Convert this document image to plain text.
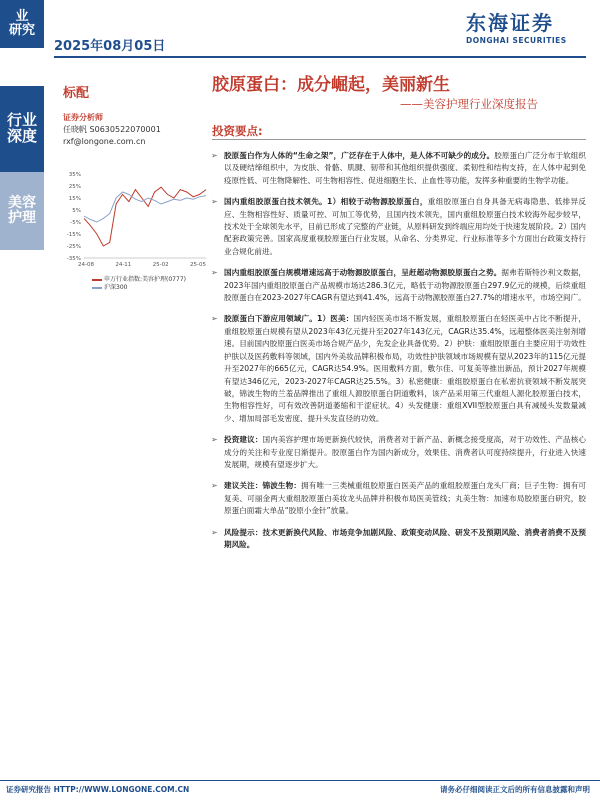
业
研究
行业
深度
美容
护理
2025年08月05日
东海证券
DONGHAI SECURITIES
标配	胶原蛋白：成分崛起，美丽新生
——美容护理行业深度报告
证券分析师
任晓帆 S0630522070001
rxf@longone.com.cn
35%
25%
15%
5%
-5%
-15%
-25%
-35%
24-08	24-11	25-02	25-05
申万行业指数:美容护理(0777)
沪深300
投资要点:
➢ 胶原蛋白作为人体的“生命之架”，广泛存在于人体中，是人体不可缺少的成分。胶原蛋白广泛分布于软组织以及硬结缔组织中，为皮肤、骨骼、肌腱、韧带和其他组织提供强度、柔韧性和结构支持，在人体中起到免疫原性低、可生物降解性、可生物相容性、促进细胞生长、止血性等功能，发挥多种重要的生物学功能。
➢ 国内重组胶原蛋白技术领先。1）相较于动物源胶原蛋白，重组胶原蛋白自身具备无病毒隐患、低排异反应、生物相容性好、质量可控、可加工等优势，且国内技术领先，国内重组胶原蛋白技术较海外起步较早，技术处于全球领先水平，目前已形成了完整的产业链，从原料研发到终端应用均处于快速发展阶段。2）国内配套政策完善。国家高度重视胶原蛋白行业发展，从命名、分类界定、行业标准等多个方面出台政策支持行业合规化前进。
➢ 国内重组胶原蛋白规模增速远高于动物源胶原蛋白，呈赶超动物源胶原蛋白之势。据弗若斯特沙利文数据，2023年国内重组胶原蛋白产品规模市场达286.3亿元，略低于动物源胶原蛋白297.9亿元的规模，后续重组胶原蛋白在2023-2027年CAGR有望达到41.4%，远高于动物源胶原蛋白27.7%的增速水平，市场空间广。
➢ 胶原蛋白下游应用领域广。1）医美：国内轻医美市场不断发展，重组胶原蛋白在轻医美中占比不断提升，重组胶原蛋白规模有望从2023年43亿元提升至2027年143亿元，CAGR达35.4%，远超整体医美注射剂增速。目前国内胶原蛋白医美市场合规产品少，先发企业具备优势。2）护肤：重组胶原蛋白主要应用于功效性护肤以及医药敷料等领域，国内外美妆品牌积极布局，功效性护肤领域市场规模有望从2023年的115亿元提升至2027年的665亿元，CAGR达54.9%。医用敷料方面，敷尔佳、可复美等推出新品，预计2027年规模有望达346亿元，2023-2027年CAGR达25.5%。3）私密健康：重组胶原蛋白在私密抗衰领域不断发展突破，锦波生物的兰羞品牌推出了重组人源胶原蛋白阴道敷料，该产品采用第三代重组人源化胶原蛋白技术，生物相容性好，可有效改善阴道萎缩和干涩症状。4）头发健康：重组XVII型胶原蛋白具有减缓头发数量减少、增加局部毛发密度、提升头发直径的功效。
➢ 投资建议：国内美容护理市场更新换代较快，消费者对于新产品、新概念接受度高，对于功效性、产品核心成分的关注和专业度日渐提升。胶原蛋白作为国内新成分，效果佳、消费者认可度持续提升，行业进入快速发展期，规模有望逐步扩大。
➢ 建议关注：锦波生物：拥有唯一三类械重组胶原蛋白医美产品的重组胶原蛋白龙头厂商；巨子生物：拥有可复美、可丽金两大重组胶原蛋白美妆龙头品牌并积极布局医美管线；丸美生物：加速布局胶原蛋白研究，胶原蛋白面霜大单品“胶原小金针”放量。
➢ 风险提示：技术更新换代风险、市场竞争加剧风险、政策变动风险、研发不及预期风险、消费者消费不及预期风险。
证券研究报告 HTTP://WWW.LONGONE.COM.CN	请务必仔细阅读正文后的所有信息披露和声明
